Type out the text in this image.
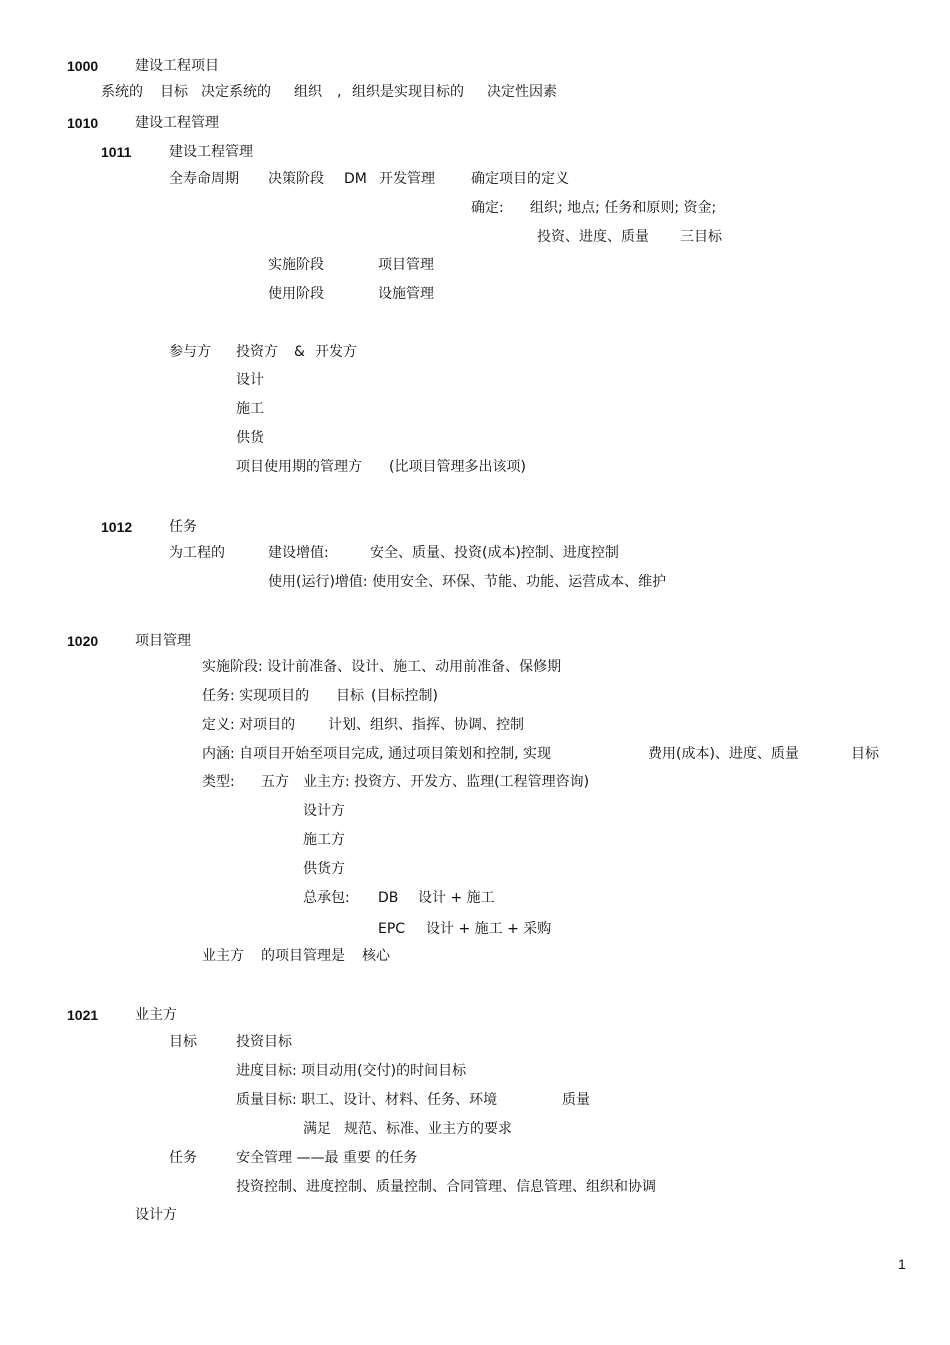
1000	建设工程项目
系统的 目标 决定系统的 组织 , 组织是实现目标的 决定性因素
1010	建设工程管理
1011	建设工程管理
全寿命周期 决策阶段 DM 开发管理	确定项目的定义
确定: 组织; 地点; 任务和原则; 资金;
投资、进度、质量 三目标
实施阶段	项目管理
使用阶段	设施管理
参与方 投资方 & 开发方
设计
施工
供货
项目使用期的管理方 (比项目管理多出该项)
1012	任务
为工程的	建设增值:	安全、质量、投资(成本)控制、进度控制
使用(运行)增值: 使用安全、环保、节能、功能、运营成本、维护
1020	项目管理
实施阶段: 设计前准备、设计、施工、动用前准备、保修期
任务: 实现项目的 目标 (目标控制)
定义: 对项目的 计划、组织、指挥、协调、控制
内涵: 自项目开始至项目完成, 通过项目策划和控制, 实现	费用(成本)、进度、质量	目标
类型: 五方 业主方: 投资方、开发方、监理(工程管理咨询)
设计方
施工方
供货方
总承包: DB 设计 + 施工
EPC 设计 + 施工 + 采购
业主方 的项目管理是 核心
1021	业主方
目标	投资目标
进度目标: 项目动用(交付)的时间目标
质量目标: 职工、设计、材料、任务、环境	质量
满足 规范、标准、业主方的要求
任务	安全管理 ——最 重要 的任务
投资控制、进度控制、质量控制、合同管理、信息管理、组织和协调
设计方
1
